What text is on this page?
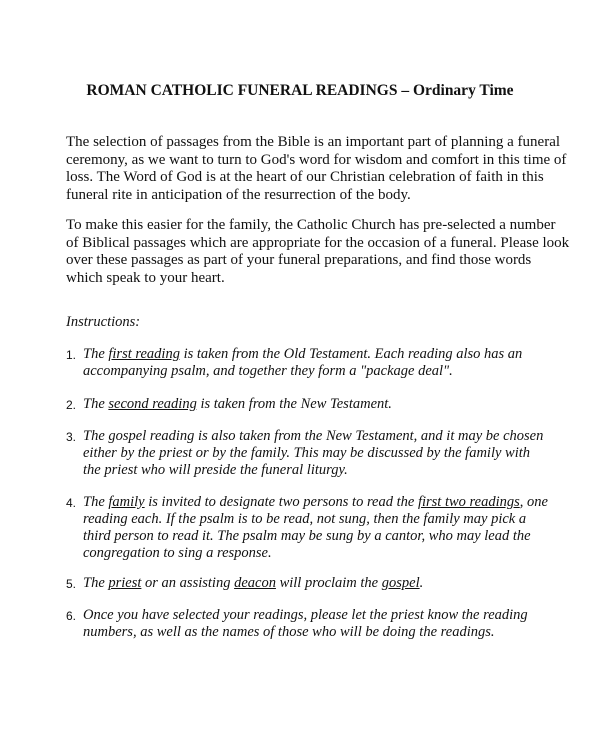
ROMAN CATHOLIC FUNERAL READINGS – Ordinary Time
The selection of passages from the Bible is an important part of planning a funeral
ceremony, as we want to turn to God's word for wisdom and comfort in this time of
loss. The Word of God is at the heart of our Christian celebration of faith in this
funeral rite in anticipation of the resurrection of the body.
To make this easier for the family, the Catholic Church has pre-selected a number
of Biblical passages which are appropriate for the occasion of a funeral. Please look
over these passages as part of your funeral preparations, and find those words
which speak to your heart.
Instructions:
1. The first reading is taken from the Old Testament. Each reading also has an
accompanying psalm, and together they form a "package deal".
2. The second reading is taken from the New Testament.
3. The gospel reading is also taken from the New Testament, and it may be chosen
either by the priest or by the family. This may be discussed by the family with
the priest who will preside the funeral liturgy.
4. The family is invited to designate two persons to read the first two readings, one
reading each. If the psalm is to be read, not sung, then the family may pick a
third person to read it. The psalm may be sung by a cantor, who may lead the
congregation to sing a response.
5. The priest or an assisting deacon will proclaim the gospel.
6. Once you have selected your readings, please let the priest know the reading
numbers, as well as the names of those who will be doing the readings.
